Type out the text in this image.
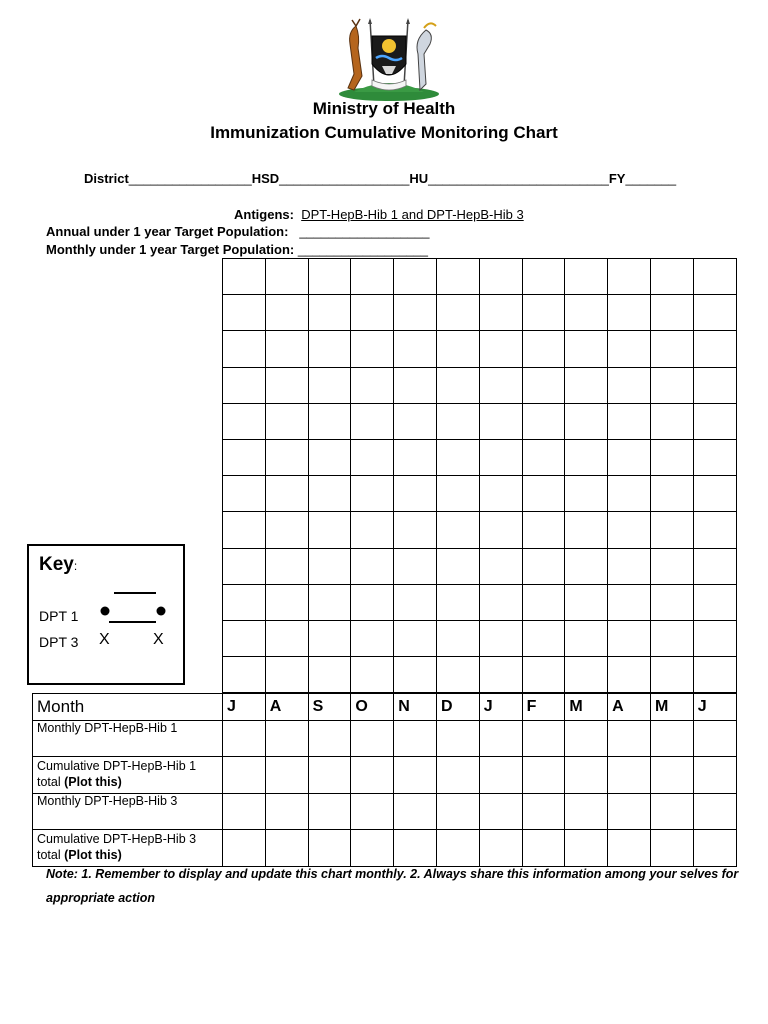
Ministry of Health
Immunization Cumulative Monitoring Chart
District_________________HSD__________________HU_________________________FY_______
Antigens: DPT-HepB-Hib 1 and DPT-HepB-Hib 3
Annual under 1 year Target Population: __________________
Monthly under 1 year Target Population: __________________

Key:
DPT 1
DPT 3 X	X
Month	J	A	S	O	N	D	J	F	M	A	M	J
Monthly DPT-HepB-Hib 1												
Cumulative DPT-HepB-Hib 1 total (Plot this)												
Monthly DPT-HepB-Hib 3												
Cumulative DPT-HepB-Hib 3 total (Plot this)												
Note: 1. Remember to display and update this chart monthly. 2. Always share this information among your selves for appropriate action
